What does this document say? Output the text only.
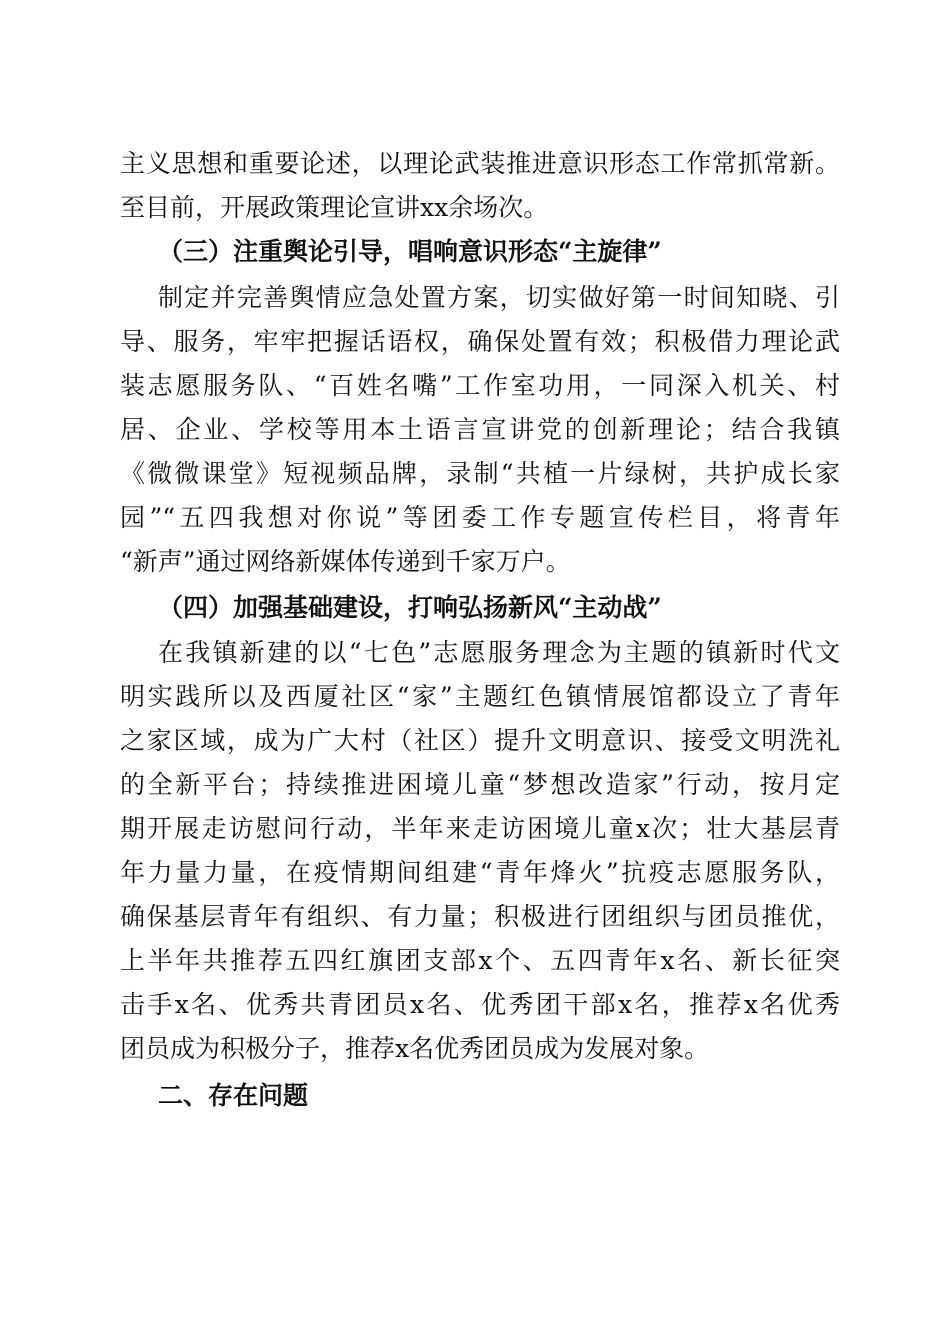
主义思想和重要论述，以理论武装推进意识形态工作常抓常新。
至目前，开展政策理论宣讲xx余场次。
（三）注重舆论引导，唱响意识形态“主旋律”
制定并完善舆情应急处置方案，切实做好第一时间知晓、引
导、服务，牢牢把握话语权，确保处置有效；积极借力理论武
装志愿服务队、“百姓名嘴”工作室功用，一同深入机关、村
居、企业、学校等用本土语言宣讲党的创新理论；结合我镇
《微微课堂》短视频品牌，录制“共植一片绿树，共护成长家
园”“五四我想对你说”等团委工作专题宣传栏目，将青年
“新声”通过网络新媒体传递到千家万户。
（四）加强基础建设，打响弘扬新风“主动战”
在我镇新建的以“七色”志愿服务理念为主题的镇新时代文
明实践所以及西厦社区“家”主题红色镇情展馆都设立了青年
之家区域，成为广大村（社区）提升文明意识、接受文明洗礼
的全新平台；持续推进困境儿童“梦想改造家”行动，按月定
期开展走访慰问行动，半年来走访困境儿童x次；壮大基层青
年力量力量，在疫情期间组建“青年烽火”抗疫志愿服务队，
确保基层青年有组织、有力量；积极进行团组织与团员推优，
上半年共推荐五四红旗团支部x个、五四青年x名、新长征突
击手x名、优秀共青团员x名、优秀团干部x名，推荐x名优秀
团员成为积极分子，推荐x名优秀团员成为发展对象。
二、存在问题
